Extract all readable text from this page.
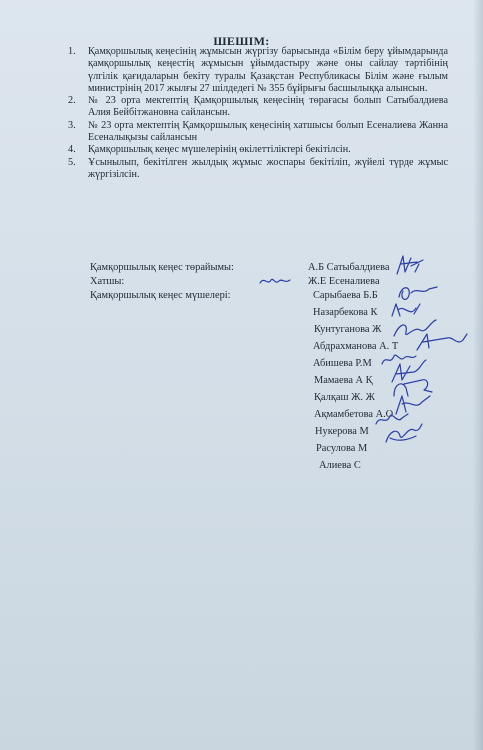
ШЕШІМ:
1. Қамқоршылық кеңесінің жұмысын жүргізу барысында «Білім беру ұйымдарында қамқоршылық кеңестің жұмысын ұйымдастыру және оны сайлау тәртібінің үлгілік қағидаларын бекіту туралы Қазақстан Республикасы Білім және ғылым министрінің 2017 жылғы 27 шілдедегі № 355 бұйрығы басшылыққа алынсын.
2. № 23 орта мектептің Қамқоршылық кеңесінің төрағасы болып Сатыбалдиева Алия Бейбітжановна сайлансын.
3. № 23 орта мектептің Қамқоршылық кеңесінің хатшысы болып Есеналиева Жанна Есеналықызы сайлансын
4. Қамқоршылық кеңес мүшелерінің өкілеттіліктері бекітілсін.
5. Ұсынылып, бекітілген жылдық жұмыс жоспары бекітіліп, жүйелі түрде жұмыс жүргізілсін.
Қамқоршылық кеңес төрайымы:	А.Б Сатыбалдиева
Хатшы:	Ж.Е Есеналиева
Қамқоршылық кеңес мүшелері:	Сарыбаева Б.Б
Назарбекова К
Кунтуганова Ж
Абдрахманова А. Т
Абишева Р.М
Мамаева А Қ
Қалқаш Ж. Ж
Ақмамбетова А.О
Нукерова М
Расулова М
Алиева С
